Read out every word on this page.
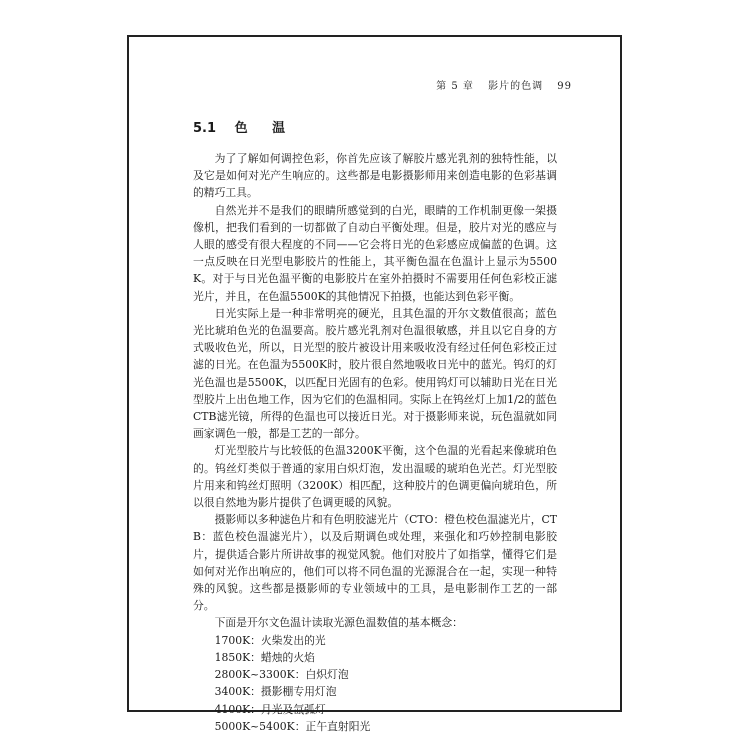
第 5 章 影片的色调 99
5.1 色 温

为了了解如何调控色彩，你首先应该了解胶片感光乳剂的独特性能，以及它是如何对光产生响应的。这些都是电影摄影师用来创造电影的色彩基调的精巧工具。

自然光并不是我们的眼睛所感觉到的白光，眼睛的工作机制更像一架摄像机，把我们看到的一切都做了自动白平衡处理。但是，胶片对光的感应与人眼的感受有很大程度的不同——它会将日光的色彩感应成偏蓝的色调。这一点反映在日光型电影胶片的性能上，其平衡色温在色温计上显示为5500K。对于与日光色温平衡的电影胶片在室外拍摄时不需要用任何色彩校正滤光片，并且，在色温5500K的其他情况下拍摄，也能达到色彩平衡。

日光实际上是一种非常明亮的硬光，且其色温的开尔文数值很高；蓝色光比琥珀色光的色温要高。胶片感光乳剂对色温很敏感，并且以它自身的方式吸收色光，所以，日光型的胶片被设计用来吸收没有经过任何色彩校正过滤的日光。在色温为5500K时，胶片很自然地吸收日光中的蓝光。钨灯的灯光色温也是5500K，以匹配日光固有的色彩。使用钨灯可以辅助日光在日光型胶片上出色地工作，因为它们的色温相同。实际上在钨丝灯上加1/2的蓝色CTB滤光镜，所得的色温也可以接近日光。对于摄影师来说，玩色温就如同画家调色一般，都是工艺的一部分。

灯光型胶片与比较低的色温3200K平衡，这个色温的光看起来像琥珀色的。钨丝灯类似于普通的家用白炽灯泡，发出温暖的琥珀色光芒。灯光型胶片用来和钨丝灯照明（3200K）相匹配，这种胶片的色调更偏向琥珀色，所以很自然地为影片提供了色调更暖的风貌。

摄影师以多种滤色片和有色明胶滤光片（CTO：橙色校色温滤光片，CTB：蓝色校色温滤光片），以及后期调色或处理，来强化和巧妙控制电影胶片，提供适合影片所讲故事的视觉风貌。他们对胶片了如指掌，懂得它们是如何对光作出响应的，他们可以将不同色温的光源混合在一起，实现一种特殊的风貌。这些都是摄影师的专业领域中的工具，是电影制作工艺的一部分。

下面是开尔文色温计读取光源色温数值的基本概念：

1700K：火柴发出的光
1850K：蜡烛的火焰
2800K~3300K：白炽灯泡
3400K：摄影棚专用灯泡
4100K：月光及氙弧灯
5000K~5400K：正午直射阳光
